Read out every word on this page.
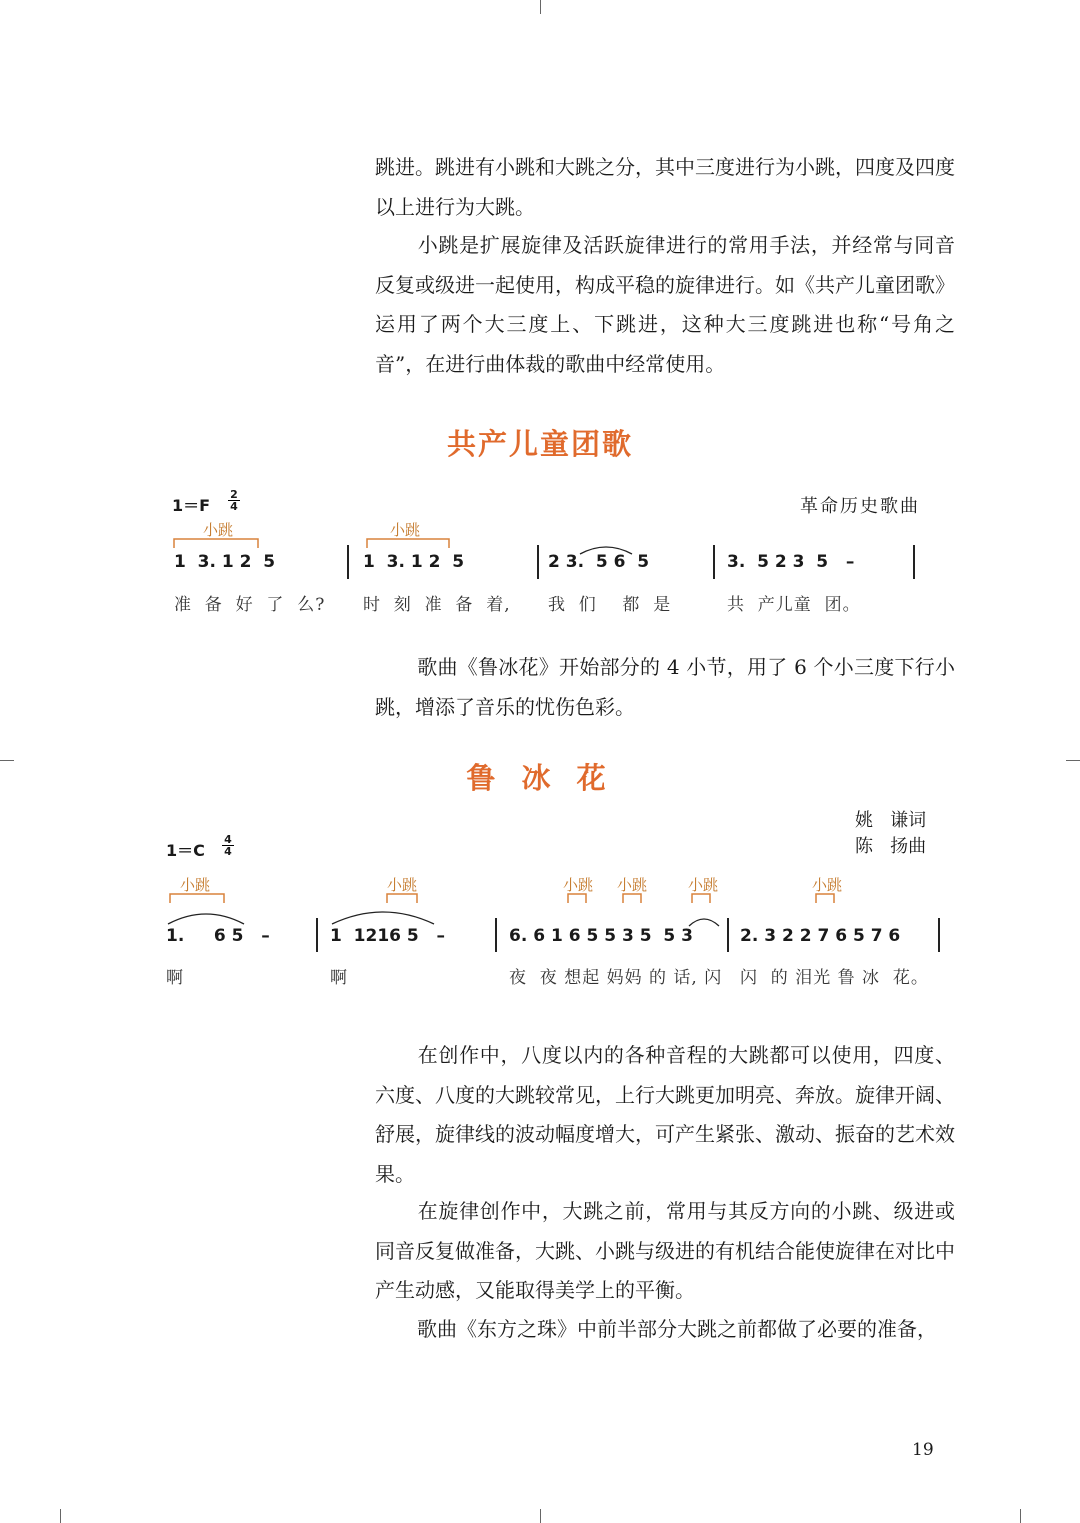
跳进。跳进有小跳和大跳之分，其中三度进行为小跳，四度及四度以上进行为大跳。

小跳是扩展旋律及活跃旋律进行的常用手法，并经常与同音反复或级进一起使用，构成平稳的旋律进行。如《共产儿童团歌》运用了两个大三度上、下跳进，这种大三度跳进也称“号角之音”，在进行曲体裁的歌曲中经常使用。

共产儿童团歌
1＝F
2
4	革命历史歌曲
小跳	小跳
1  3. 1 2  5	1  3. 1 2  5	2 3.  5 6  5	3.  5 2 3  5   –
准  备  好  了  么? 时  刻  准  备  着, 我  们    都  是	共  产儿童  团。

歌曲《鲁冰花》开始部分的 4 小节，用了 6 个小三度下行小跳，增添了音乐的忧伤色彩。

鲁 冰 花
姚   谦词
陈   扬曲
1＝C
4
4
小跳	小跳	小跳 小跳	小跳	小跳
1.     6 5   –	1  1216 5   –	6. 6 1 6 5 5 3 5  5 3	2. 3 2 2 7 6 5 7 6
啊	啊	夜  夜 想起 妈妈 的 话, 闪 闪  的 泪光 鲁 冰  花。

在创作中，八度以内的各种音程的大跳都可以使用，四度、六度、八度的大跳较常见，上行大跳更加明亮、奔放。旋律开阔、舒展，旋律线的波动幅度增大，可产生紧张、激动、振奋的艺术效果。

在旋律创作中，大跳之前，常用与其反方向的小跳、级进或同音反复做准备，大跳、小跳与级进的有机结合能使旋律在对比中产生动感，又能取得美学上的平衡。

歌曲《东方之珠》中前半部分大跳之前都做了必要的准备，

19
